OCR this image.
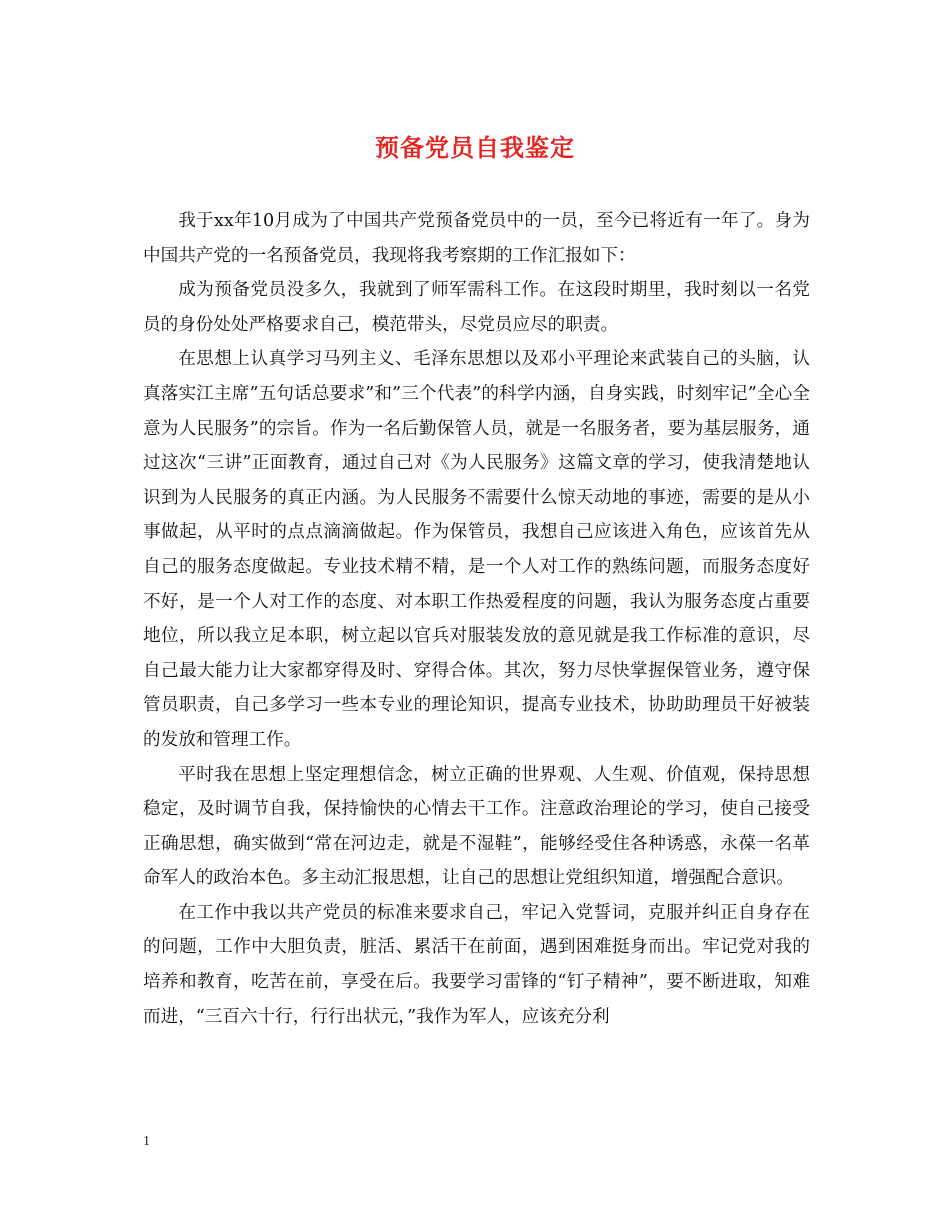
预备党员自我鉴定

我于xx年10月成为了中国共产党预备党员中的一员，至今已将近有一年了。身为中国共产党的一名预备党员，我现将我考察期的工作汇报如下：

成为预备党员没多久，我就到了师军需科工作。在这段时期里，我时刻以一名党员的身份处处严格要求自己，模范带头，尽党员应尽的职责。

在思想上认真学习马列主义、毛泽东思想以及邓小平理论来武装自己的头脑，认真落实江主席”五句话总要求”和”三个代表”的科学内涵，自身实践，时刻牢记”全心全意为人民服务”的宗旨。作为一名后勤保管人员，就是一名服务者，要为基层服务，通过这次“三讲”正面教育，通过自己对《为人民服务》这篇文章的学习，使我清楚地认识到为人民服务的真正内涵。为人民服务不需要什么惊天动地的事迹，需要的是从小事做起，从平时的点点滴滴做起。作为保管员，我想自己应该进入角色，应该首先从自己的服务态度做起。专业技术精不精，是一个人对工作的熟练问题，而服务态度好不好，是一个人对工作的态度、对本职工作热爱程度的问题，我认为服务态度占重要地位，所以我立足本职，树立起以官兵对服装发放的意见就是我工作标准的意识，尽自己最大能力让大家都穿得及时、穿得合体。其次，努力尽快掌握保管业务，遵守保管员职责，自己多学习一些本专业的理论知识，提高专业技术，协助助理员干好被装的发放和管理工作。

平时我在思想上坚定理想信念，树立正确的世界观、人生观、价值观，保持思想稳定，及时调节自我，保持愉快的心情去干工作。注意政治理论的学习，使自己接受正确思想，确实做到“常在河边走，就是不湿鞋”，能够经受住各种诱惑，永葆一名革命军人的政治本色。多主动汇报思想，让自己的思想让党组织知道，增强配合意识。

在工作中我以共产党员的标准来要求自己，牢记入党誓词，克服并纠正自身存在的问题，工作中大胆负责，脏活、累活干在前面，遇到困难挺身而出。牢记党对我的培养和教育，吃苦在前，享受在后。我要学习雷锋的“钉子精神”，要不断进取，知难而进，“三百六十行，行行出状元，”我作为军人，应该充分利

1
